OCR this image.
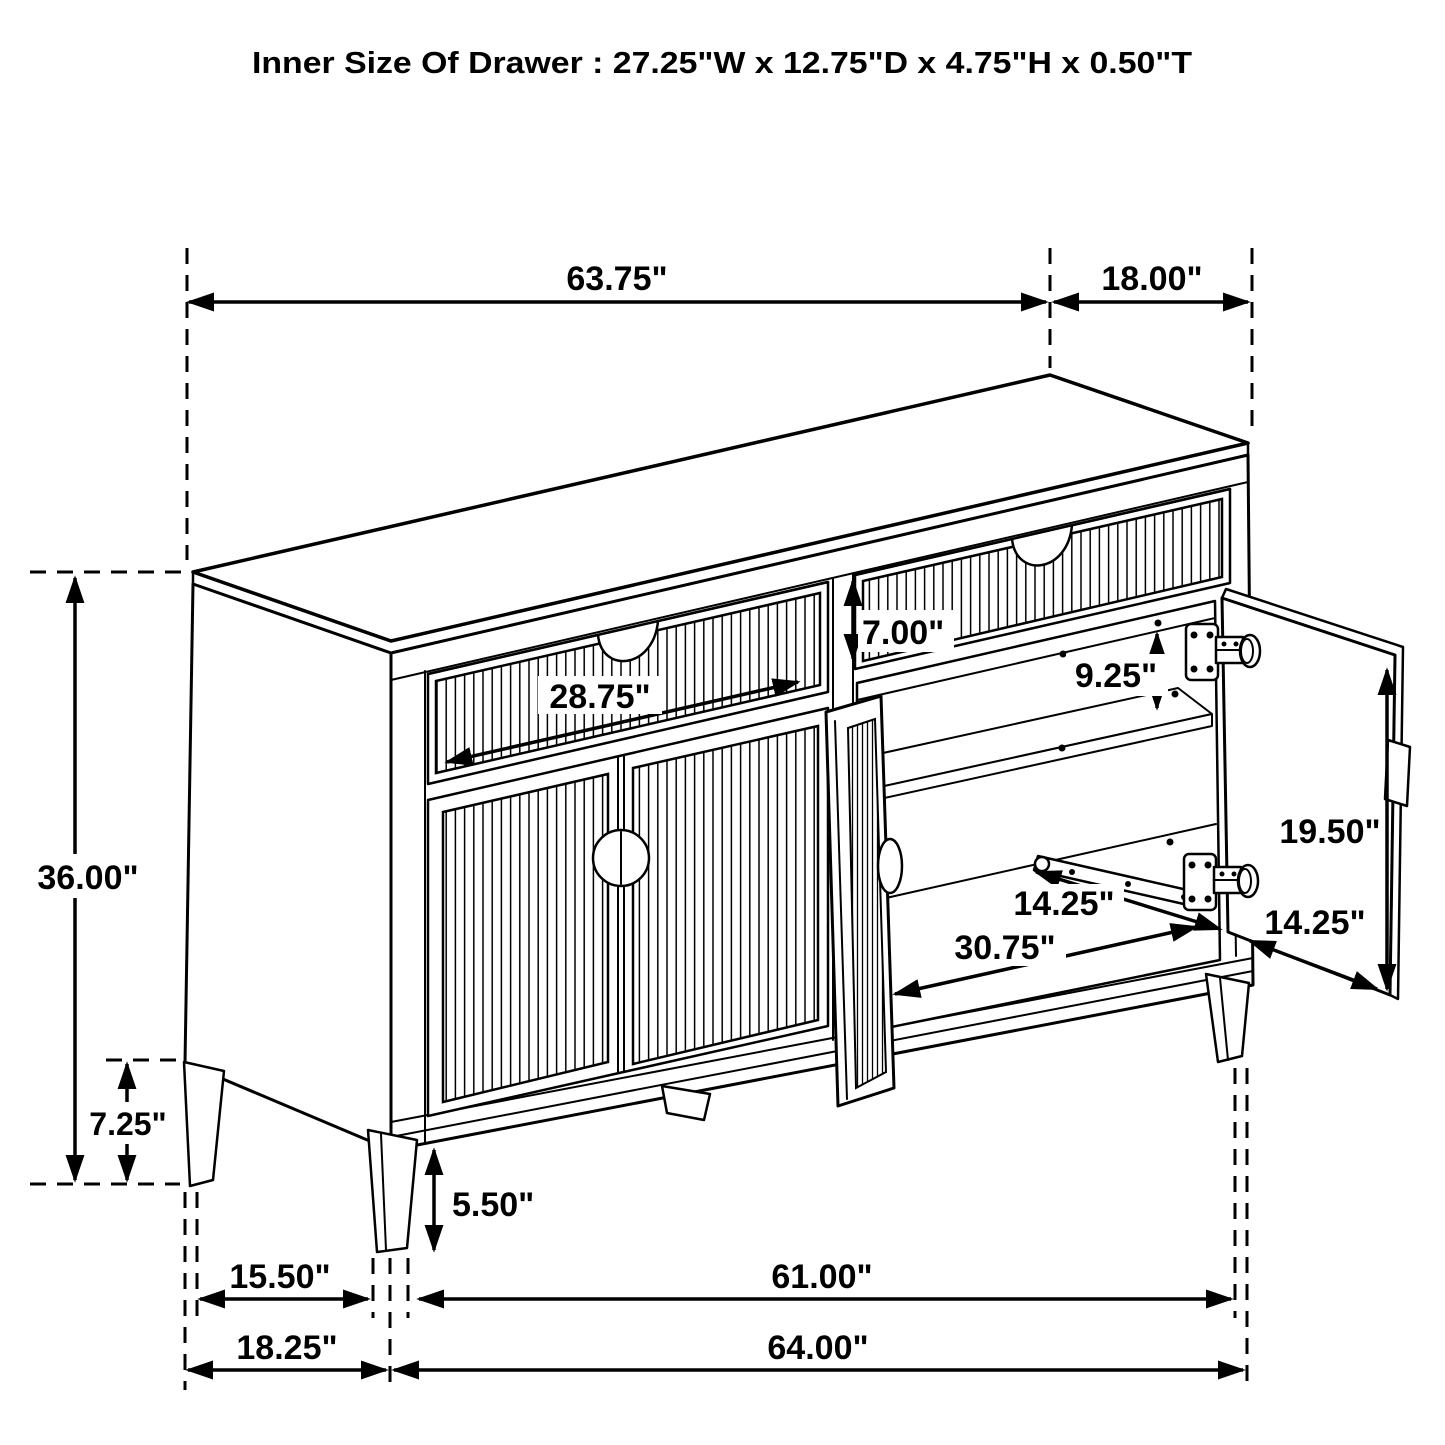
63.75"	18.00"
36.00"
7.25"
28.75"
7.00"
9.25"
19.50"
14.25"
30.75"
14.25"
5.50"
15.50"	61.00"
18.25"	64.00"
Inner Size Of Drawer : 27.25"W x 12.75"D x 4.75"H x 0.50"T
